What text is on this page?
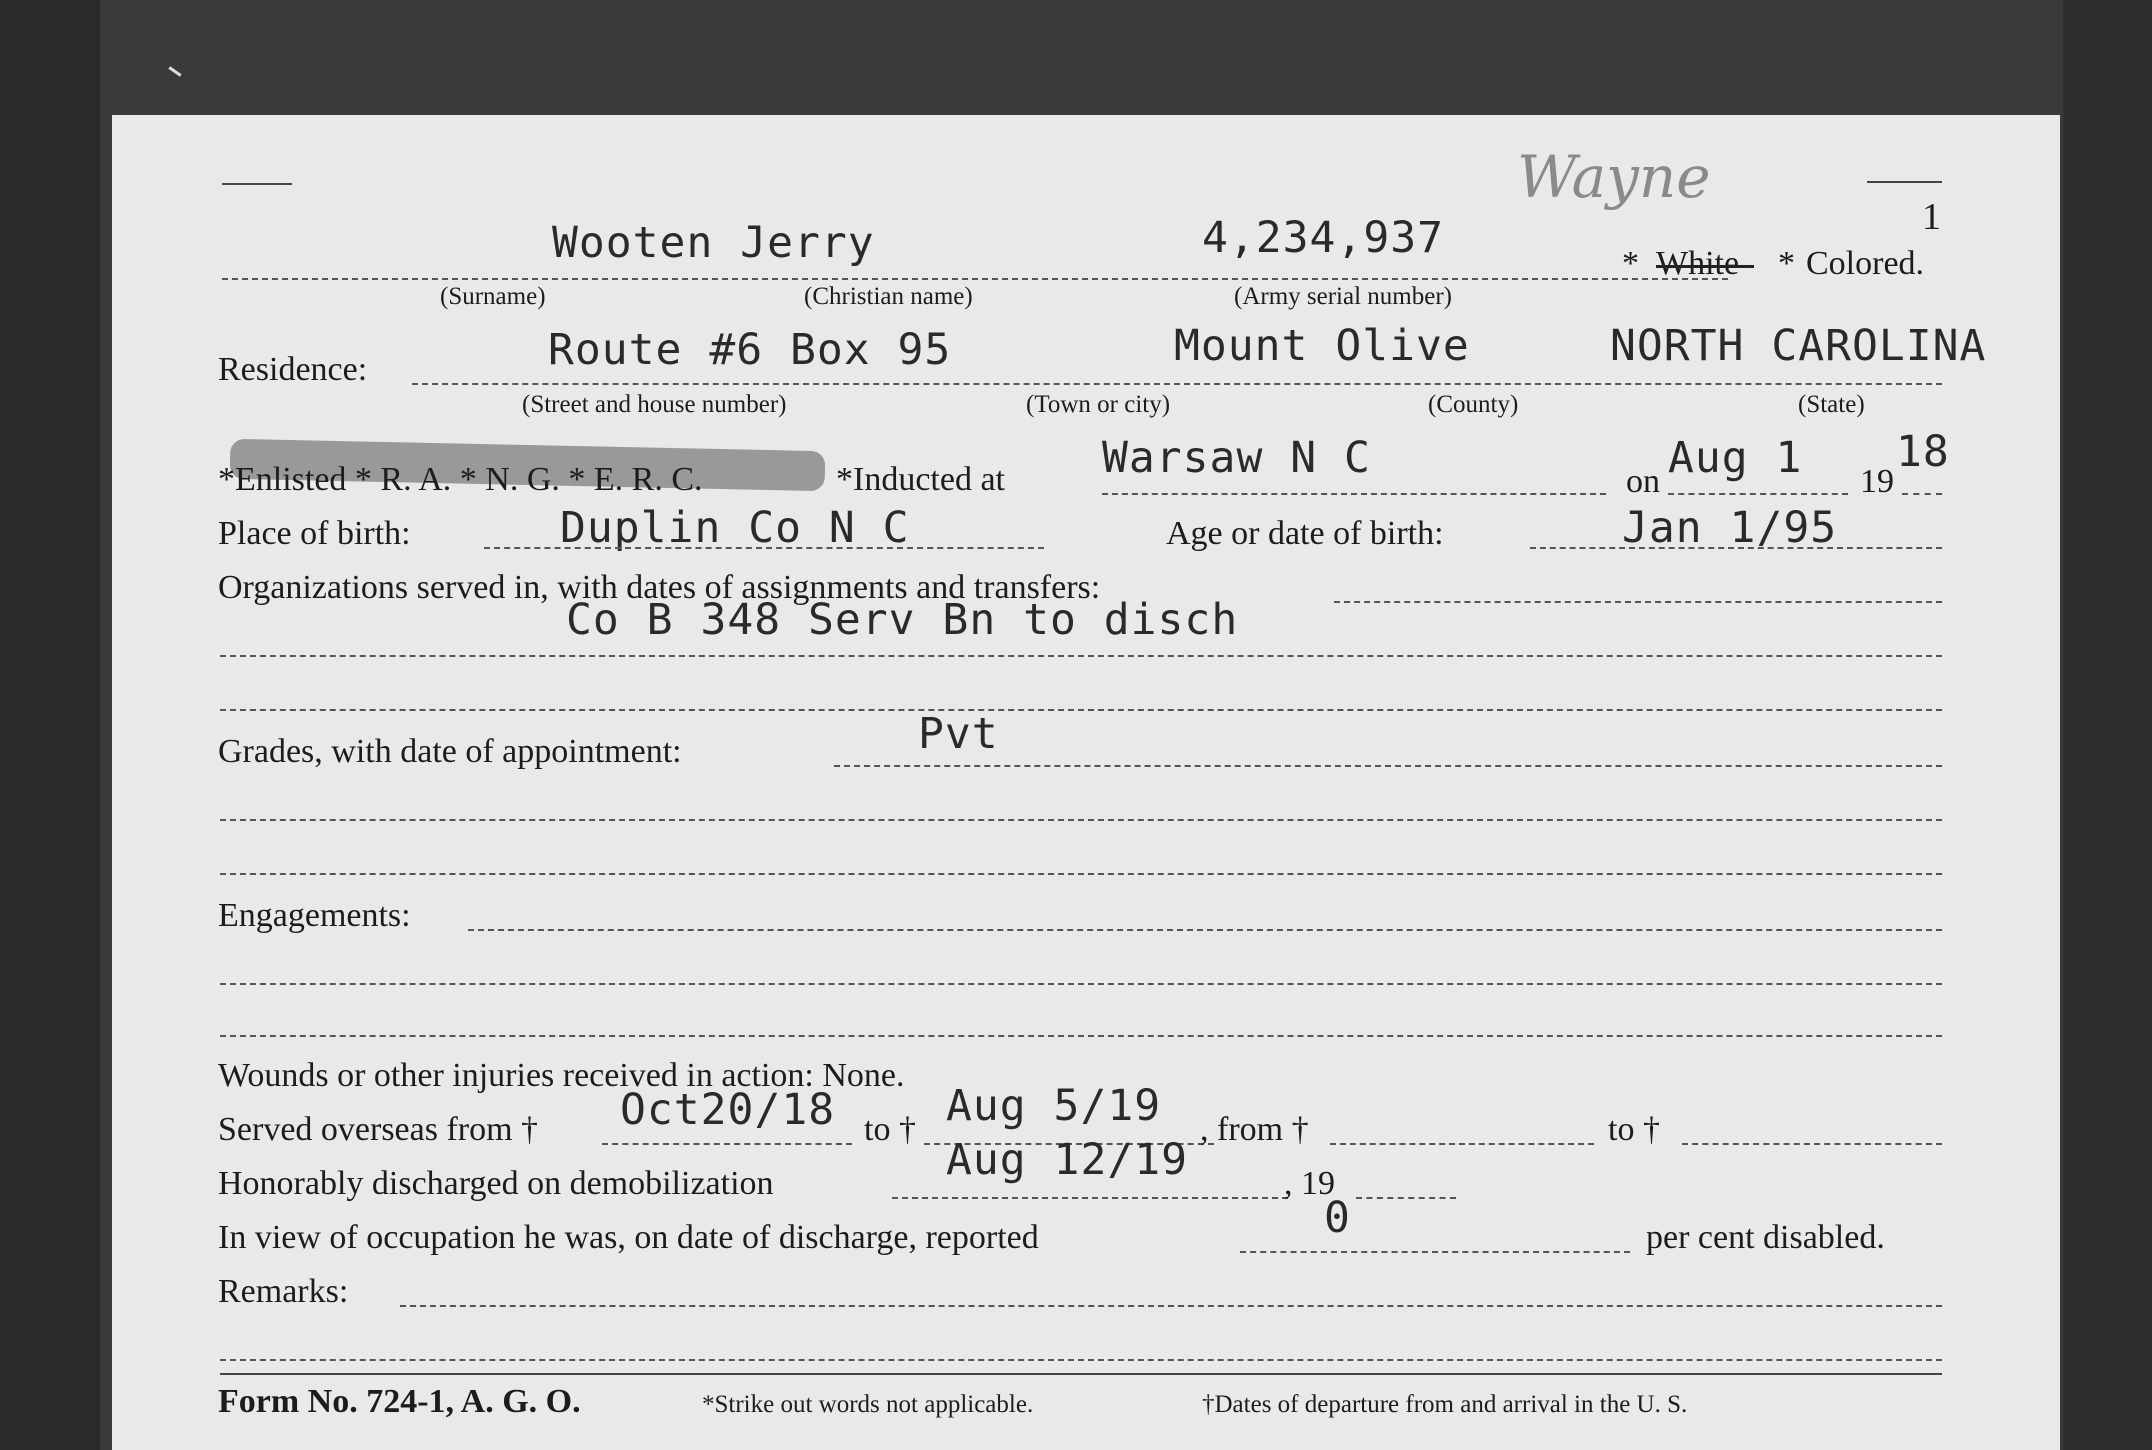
1
Wayne
Wooten Jerry	4,234,937
* White * Colored.
(Surname)	(Christian name)	(Army serial number)
Residence:	Route #6 Box 95	Mount Olive	NORTH CAROLINA
(Street and house number)	(Town or city)	(County)	(State)
*Enlisted * R. A. * N. G. * E. R. C.	*Inducted at Warsaw N C	on Aug 1 19
18
Place of birth:	Duplin Co N C	Age or date of birth:	Jan 1/95
Organizations served in, with dates of assignments and transfers:
Co B 348 Serv Bn to disch
Grades, with date of appointment:	Pvt
Engagements:
Wounds or other injuries received in action: None.
Served overseas from † Oct20/18 to † Aug 5/19 , from †	to †
Honorably discharged on demobilization	Aug 12/19	, 19
In view of occupation he was, on date of discharge, reported	0	per cent disabled.
Remarks:
Form No. 724-1, A. G. O.	*Strike out words not applicable.	†Dates of departure from and arrival in the U. S.
